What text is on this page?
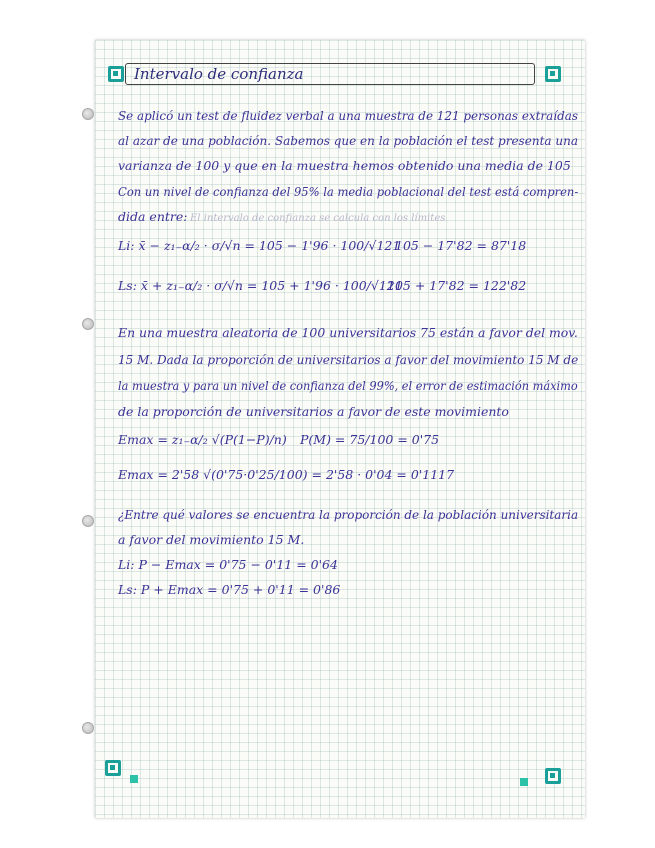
Intervalo de confianza
Se aplicó un test de fluidez verbal a una muestra de 121 personas extraídas
al azar de una población. Sabemos que en la población el test presenta una
varianza de 100 y que en la muestra hemos obtenido una media de 105
Con un nivel de confianza del 95% la media poblacional del test está compren-
dida entre: El intervalo de confianza se calcula con los límites
Li: x̄ − z₁₋α/₂ · σ/√n = 105 − 1'96 · 100/√121
105 − 17'82 = 87'18
Ls: x̄ + z₁₋α/₂ · σ/√n = 105 + 1'96 · 100/√121
105 + 17'82 = 122'82
En una muestra aleatoria de 100 universitarios 75 están a favor del mov.
15 M. Dada la proporción de universitarios a favor del movimiento 15 M de
la muestra y para un nivel de confianza del 99%, el error de estimación máximo
de la proporción de universitarios a favor de este movimiento
Emax = z₁₋α/₂ √(P(1−P)/n) P(M) = 75/100 = 0'75
Emax = 2'58 √(0'75·0'25/100) = 2'58 · 0'04 = 0'1117
¿Entre qué valores se encuentra la proporción de la población universitaria
a favor del movimiento 15 M.
Li: P − Emax = 0'75 − 0'11 = 0'64
Ls: P + Emax = 0'75 + 0'11 = 0'86
